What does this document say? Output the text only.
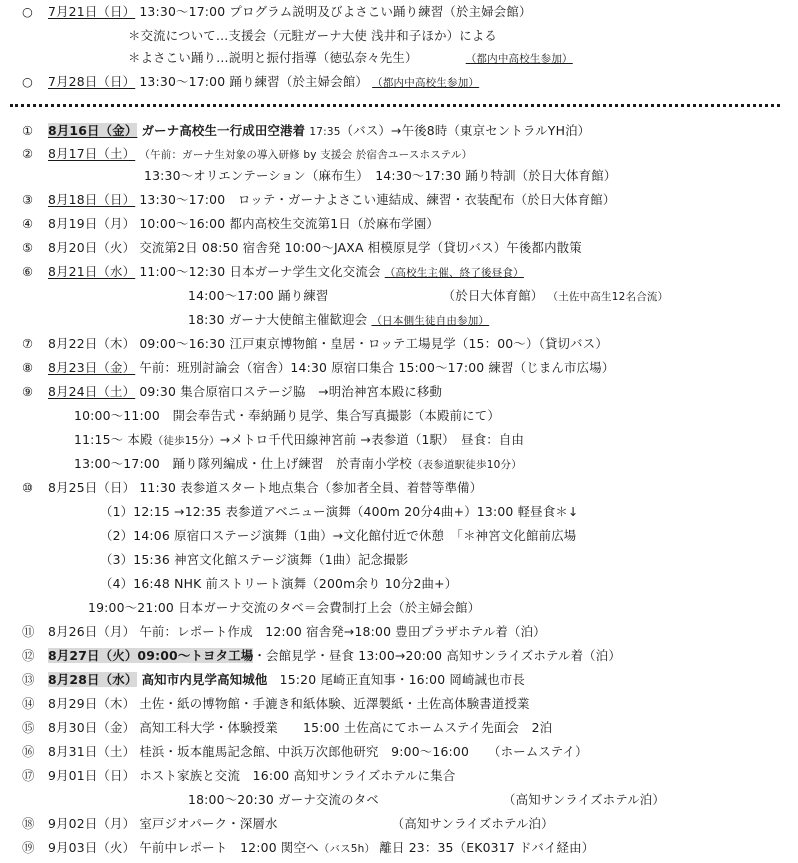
○ 7月21日（日） 13:30～17:00 プログラム説明及びよさこい踊り練習（於主婦会館）
＊交流について…支援会（元駐ガーナ大使 浅井和子ほか）による
＊よさこい踊り…説明と振付指導（徳弘奈々先生）	（都内中高校生参加）
○ 7月28日（日） 13:30～17:00 踊り練習（於主婦会館） （都内中高校生参加）
① 8月16日（金） ガーナ高校生一行成田空港着 17:35（バス）→午後8時（東京セントラルYH泊）
② 8月17日（土） （午前：ガーナ生対象の導入研修 by 支援会 於宿舎ユースホステル）
13:30～オリエンテーション（麻布生）　14:30～17:30 踊り特訓（於日大体育館）
③ 8月18日（日） 13:30～17:00　ロッテ・ガーナよさこい連結成、練習・衣装配布（於日大体育館）
④ 8月19日（月） 10:00～16:00 都内高校生交流第1日（於麻布学園）
⑤ 8月20日（火） 交流第2日 08:50 宿舎発 10:00～JAXA 相模原見学（貸切バス）午後都内散策
⑥ 8月21日（水） 11:00～12:30 日本ガーナ学生文化交流会 （高校生主催、終了後昼食）
14:00～17:00 踊り練習	（於日大体育館） （土佐中高生12名合流）
18:30 ガーナ大使館主催歓迎会 （日本側生徒自由参加）
⑦ 8月22日（木） 09:00～16:30 江戸東京博物館・皇居・ロッテ工場見学（15：00～）（貸切バス）
⑧ 8月23日（金） 午前：班別討論会（宿舎）14:30 原宿口集合 15:00～17:00 練習（じまん市広場）
⑨ 8月24日（土） 09:30 集合原宿口ステージ脇　→明治神宮本殿に移動
10:00～11:00　開会奉告式・奉納踊り見学、集合写真撮影（本殿前にて）
11:15～ 本殿（徒歩15分）→メトロ千代田線神宮前 →表参道（1駅）　昼食：自由
13:00～17:00　踊り隊列編成・仕上げ練習　於青南小学校（表参道駅徒歩10分）
⑩ 8月25日（日） 11:30 表参道スタート地点集合（参加者全員、着替等準備）
（1）12:15 →12:35 表参道アベニュー演舞（400m 20分4曲+）13:00 軽昼食＊↓
（2）14:06 原宿口ステージ演舞（1曲）→文化館付近で休憩　「＊神宮文化館前広場
（3）15:36 神宮文化館ステージ演舞（1曲）記念撮影
（4）16:48 NHK 前ストリート演舞（200m余り 10分2曲+）
19:00～21:00 日本ガーナ交流のタベ＝会費制打上会（於主婦会館）
⑪ 8月26日（月） 午前：レポート作成　12:00 宿舎発→18:00 豊田プラザホテル着（泊）
⑫ 8月27日（火）09:00～トヨタ工場・会館見学・昼食 13:00→20:00 高知サンライズホテル着（泊）
⑬ 8月28日（水） 高知市内見学高知城他 15:20 尾崎正直知事・16:00 岡崎誠也市長
⑭ 8月29日（木） 土佐・紙の博物館・手漉き和紙体験、近澤製紙・土佐高体験書道授業
⑮ 8月30日（金） 高知工科大学・体験授業　　15:00 土佐高にてホームステイ先面会　2泊
⑯ 8月31日（土） 桂浜・坂本龍馬記念館、中浜万次郎他研究　9:00～16:00　　（ホームステイ）
⑰ 9月01日（日） ホスト家族と交流　16:00 高知サンライズホテルに集合
18:00～20:30 ガーナ交流のタベ	（高知サンライズホテル泊）
⑱ 9月02日（月） 室戸ジオパーク・深層水	（高知サンライズホテル泊）
⑲ 9月03日（火） 午前中レポート　12:00 関空へ（バス5h） 離日 23：35（EK0317 ドバイ経由）
